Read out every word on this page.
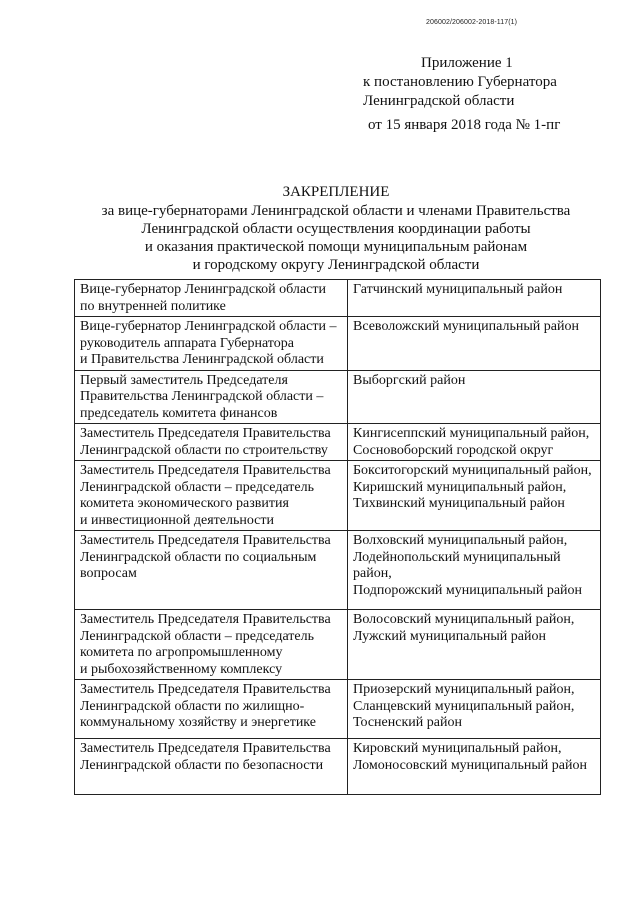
206002/206002-2018-117(1)
Приложение 1
к постановлению Губернатора
Ленинградской области
от 15 января 2018 года № 1-пг
ЗАКРЕПЛЕНИЕ
за вице-губернаторами Ленинградской области и членами Правительства
Ленинградской области осуществления координации работы
и оказания практической помощи муниципальным районам
и городскому округу Ленинградской области
Вице-губернатор Ленинградской области
по внутренней политике	Гатчинский муниципальный район

Вице-губернатор Ленинградской области –
руководитель аппарата Губернатора
и Правительства Ленинградской области	Всеволожский муниципальный район

Первый заместитель Председателя
Правительства Ленинградской области –
председатель комитета финансов	Выборгский район

Заместитель Председателя Правительства
Ленинградской области по строительству	Кингисеппский муниципальный район,
Сосновоборский городской округ

Заместитель Председателя Правительства
Ленинградской области – председатель
комитета экономического развития
и инвестиционной деятельности	Бокситогорский муниципальный район,
Киришский муниципальный район,
Тихвинский муниципальный район

Заместитель Председателя Правительства
Ленинградской области по социальным
вопросам	Волховский муниципальный район,
Лодейнопольский муниципальный
район,
Подпорожский муниципальный район

Заместитель Председателя Правительства
Ленинградской области – председатель
комитета по агропромышленному
и рыбохозяйственному комплексу	Волосовский муниципальный район,
Лужский муниципальный район

Заместитель Председателя Правительства
Ленинградской области по жилищно-
коммунальному хозяйству и энергетике	Приозерский муниципальный район,
Сланцевский муниципальный район,
Тосненский район

Заместитель Председателя Правительства
Ленинградской области по безопасности	Кировский муниципальный район,
Ломоносовский муниципальный район
